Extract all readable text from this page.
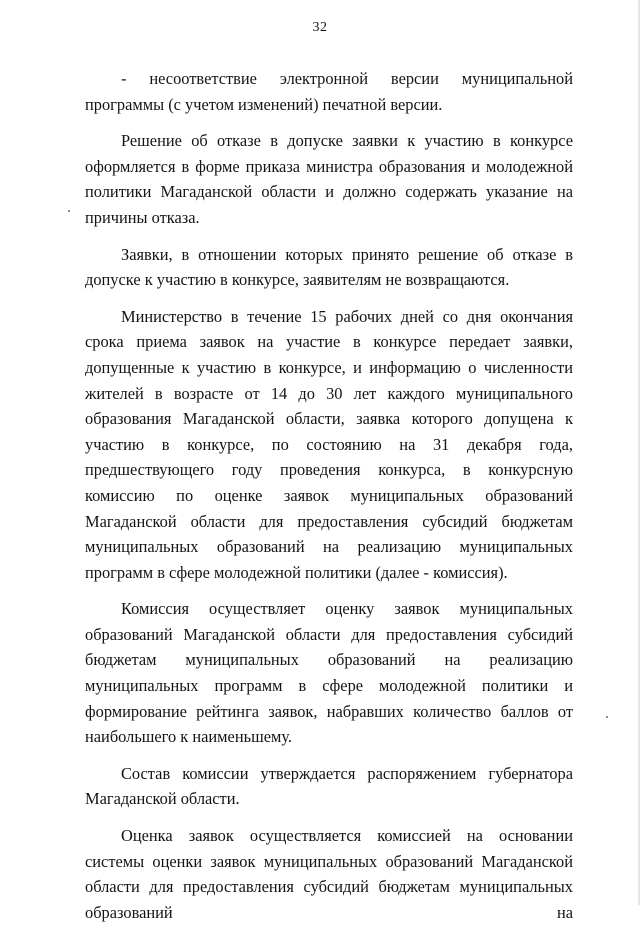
32

- несоответствие электронной версии муниципальной программы (с учетом изменений) печатной версии.

Решение об отказе в допуске заявки к участию в конкурсе оформляется в форме приказа министра образования и молодежной политики Магаданской области и должно содержать указание на причины отказа.

Заявки, в отношении которых принято решение об отказе в допуске к участию в конкурсе, заявителям не возвращаются.

Министерство в течение 15 рабочих дней со дня окончания срока приема заявок на участие в конкурсе передает заявки, допущенные к участию в конкурсе, и информацию о численности жителей в возрасте от 14 до 30 лет каждого муниципального образования Магаданской области, заявка которого допущена к участию в конкурсе, по состоянию на 31 декабря года, предшествующего году проведения конкурса, в конкурсную комиссию по оценке заявок муниципальных образований Магаданской области для предоставления субсидий бюджетам муниципальных образований на реализацию муниципальных программ в сфере молодежной политики (далее - комиссия).

Комиссия осуществляет оценку заявок муниципальных образований Магаданской области для предоставления субсидий бюджетам муниципальных образований на реализацию муниципальных программ в сфере молодежной политики и формирование рейтинга заявок, набравших количество баллов от наибольшего к наименьшему.

Состав комиссии утверждается распоряжением губернатора Магаданской области.

Оценка заявок осуществляется комиссией на основании системы оценки заявок муниципальных образований Магаданской области для предоставления субсидий бюджетам муниципальных образований на
